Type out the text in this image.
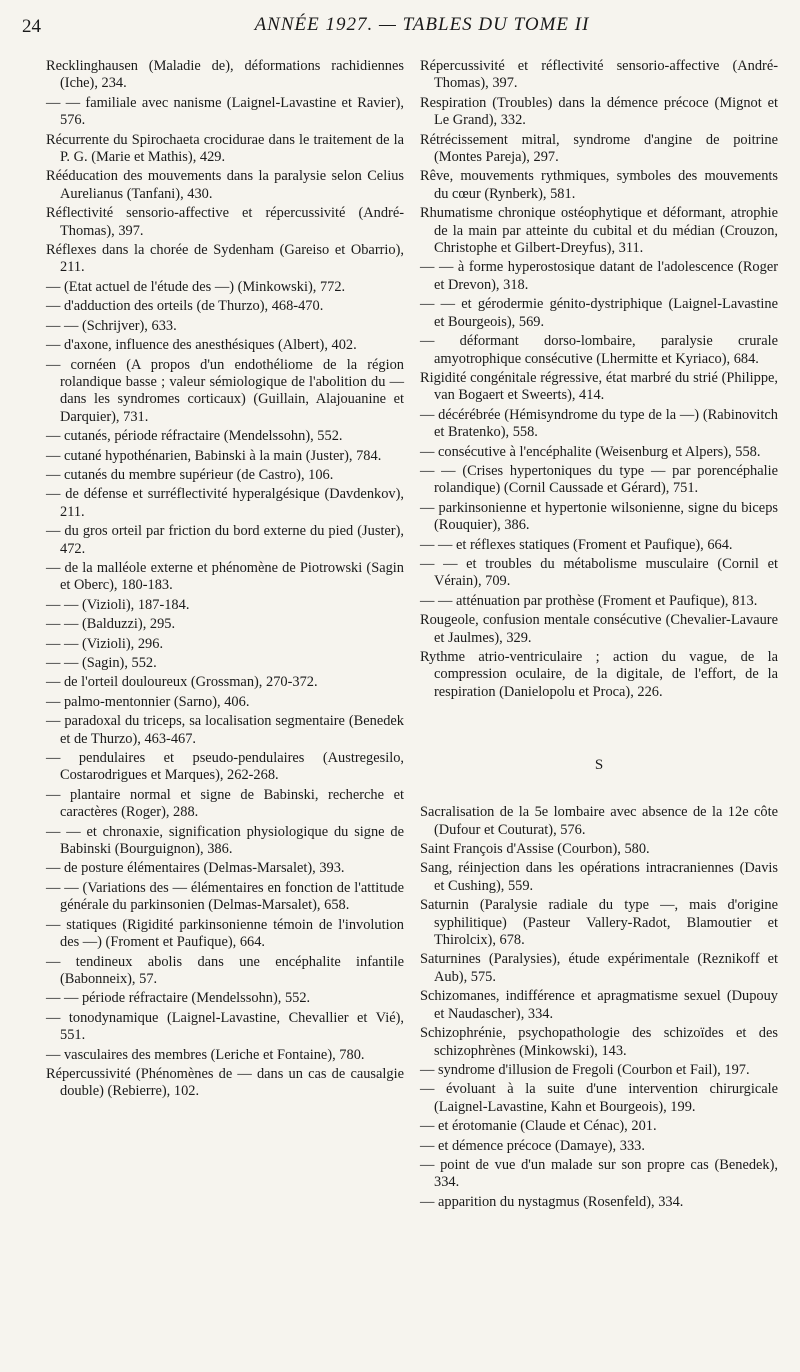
24	ANNÉE 1927. — TABLES DU TOME II

Recklinghausen (Maladie de), déformations rachidiennes (Iche), 234.

— — familiale avec nanisme (Laignel-Lavastine et Ravier), 576.

Récurrente du Spirochaeta crocidurae dans le traitement de la P. G. (Marie et Mathis), 429.

Rééducation des mouvements dans la paralysie selon Celius Aurelianus (Tanfani), 430.

Réflectivité sensorio-affective et répercussivité (André-Thomas), 397.

Réflexes dans la chorée de Sydenham (Gareiso et Obarrio), 211.

— (Etat actuel de l'étude des —) (Minkowski), 772.

— d'adduction des orteils (de Thurzo), 468-470.

— — (Schrijver), 633.

— d'axone, influence des anesthésiques (Albert), 402.

— cornéen (A propos d'un endothéliome de la région rolandique basse ; valeur sémiologique de l'abolition du — dans les syndromes corticaux) (Guillain, Alajouanine et Darquier), 731.

— cutanés, période réfractaire (Mendelssohn), 552.

— cutané hypothénarien, Babinski à la main (Juster), 784.

— cutanés du membre supérieur (de Castro), 106.

— de défense et surréflectivité hyperalgésique (Davdenkov), 211.

— du gros orteil par friction du bord externe du pied (Juster), 472.

— de la malléole externe et phénomène de Piotrowski (Sagin et Oberc), 180-183.

— — (Vizioli), 187-184.

— — (Balduzzi), 295.

— — (Vizioli), 296.

— — (Sagin), 552.

— de l'orteil douloureux (Grossman), 270-372.

— palmo-mentonnier (Sarno), 406.

— paradoxal du triceps, sa localisation segmentaire (Benedek et de Thurzo), 463-467.

— pendulaires et pseudo-pendulaires (Austregesilo, Costarodrigues et Marques), 262-268.

— plantaire normal et signe de Babinski, recherche et caractères (Roger), 288.

— — et chronaxie, signification physiologique du signe de Babinski (Bourguignon), 386.

— de posture élémentaires (Delmas-Marsalet), 393.

— — (Variations des — élémentaires en fonction de l'attitude générale du parkinsonien (Delmas-Marsalet), 658.

— statiques (Rigidité parkinsonienne témoin de l'involution des —) (Froment et Paufique), 664.

— tendineux abolis dans une encéphalite infantile (Babonneix), 57.

— — période réfractaire (Mendelssohn), 552.

— tonodynamique (Laignel-Lavastine, Chevallier et Vié), 551.

— vasculaires des membres (Leriche et Fontaine), 780.

Répercussivité (Phénomènes de — dans un cas de causalgie double) (Rebierre), 102.

Répercussivité et réflectivité sensorio-affective (André-Thomas), 397.

Respiration (Troubles) dans la démence précoce (Mignot et Le Grand), 332.

Rétrécissement mitral, syndrome d'angine de poitrine (Montes Pareja), 297.

Rêve, mouvements rythmiques, symboles des mouvements du cœur (Rynberk), 581.

Rhumatisme chronique ostéophytique et déformant, atrophie de la main par atteinte du cubital et du médian (Crouzon, Christophe et Gilbert-Dreyfus), 311.

— — à forme hyperostosique datant de l'adolescence (Roger et Drevon), 318.

— — et gérodermie génito-dystriphique (Laignel-Lavastine et Bourgeois), 569.

— déformant dorso-lombaire, paralysie crurale amyotrophique consécutive (Lhermitte et Kyriaco), 684.

Rigidité congénitale régressive, état marbré du strié (Philippe, van Bogaert et Sweerts), 414.

— décérébrée (Hémisyndrome du type de la —) (Rabinovitch et Bratenko), 558.

— consécutive à l'encéphalite (Weisenburg et Alpers), 558.

— — (Crises hypertoniques du type — par porencéphalie rolandique) (Cornil Caussade et Gérard), 751.

— parkinsonienne et hypertonie wilsonienne, signe du biceps (Rouquier), 386.

— — et réflexes statiques (Froment et Paufique), 664.

— — et troubles du métabolisme musculaire (Cornil et Vérain), 709.

— — atténuation par prothèse (Froment et Paufique), 813.

Rougeole, confusion mentale consécutive (Chevalier-Lavaure et Jaulmes), 329.

Rythme atrio-ventriculaire ; action du vague, de la compression oculaire, de la digitale, de l'effort, de la respiration (Danielopolu et Proca), 226.

S

Sacralisation de la 5e lombaire avec absence de la 12e côte (Dufour et Couturat), 576.

Saint François d'Assise (Courbon), 580.

Sang, réinjection dans les opérations intracraniennes (Davis et Cushing), 559.

Saturnin (Paralysie radiale du type —, mais d'origine syphilitique) (Pasteur Vallery-Radot, Blamoutier et Thirolcix), 678.

Saturnines (Paralysies), étude expérimentale (Reznikoff et Aub), 575.

Schizomanes, indifférence et apragmatisme sexuel (Dupouy et Naudascher), 334.

Schizophrénie, psychopathologie des schizoïdes et des schizophrènes (Minkowski), 143.

— syndrome d'illusion de Fregoli (Courbon et Fail), 197.

— évoluant à la suite d'une intervention chirurgicale (Laignel-Lavastine, Kahn et Bourgeois), 199.

— et érotomanie (Claude et Cénac), 201.

— et démence précoce (Damaye), 333.

— point de vue d'un malade sur son propre cas (Benedek), 334.

— apparition du nystagmus (Rosenfeld), 334.
